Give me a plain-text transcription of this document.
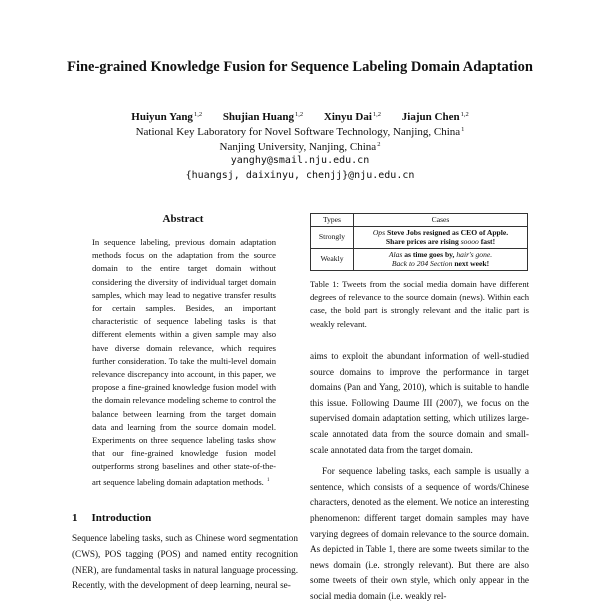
Fine-grained Knowledge Fusion for Sequence Labeling Domain Adaptation
Huiyun Yang$^{1,2}$ Shujian Huang$^{1,2}$ Xinyu Dai$^{1,2}$ Jiajun Chen$^{1,2}$
National Key Laboratory for Novel Software Technology, Nanjing, China$^1$
Nanjing University, Nanjing, China$^2$
yanghy@smail.nju.edu.cn
{huangsj, daixinyu, chenjj}@nju.edu.cn
Abstract
In sequence labeling, previous domain adaptation methods focus on the adaptation from the source domain to the entire target domain without considering the diversity of individual target domain samples, which may lead to negative transfer results for certain samples. Besides, an important characteristic of sequence labeling tasks is that different elements within a given sample may also have diverse domain relevance, which requires further consideration. To take the multi-level domain relevance discrepancy into account, in this paper, we propose a fine-grained knowledge fusion model with the domain relevance modeling scheme to control the balance between learning from the target domain data and learning from the source domain model. Experiments on three sequence labeling tasks show that our fine-grained knowledge fusion model outperforms strong baselines and other state-of-the-art sequence labeling domain adaptation methods. $^1$
1 Introduction
Sequence labeling tasks, such as Chinese word segmentation (CWS), POS tagging (POS) and named entity recognition (NER), are fundamental tasks in natural language processing. Recently, with the development of deep learning, neural se-
Types	Cases
Strongly	Ops Steve Jobs resigned as CEO of Apple.
Share prices are rising soooo fast!

Weakly	Alas as time goes by, hair's gone.
Back to 204 Section next week!
Table 1: Tweets from the social media domain have different degrees of relevance to the source domain (news). Within each case, the bold part is strongly relevant and the italic part is weakly relevant.

aims to exploit the abundant information of well-studied source domains to improve the performance in target domains (Pan and Yang, 2010), which is suitable to handle this issue. Following Daume III (2007), we focus on the supervised domain adaptation setting, which utilizes large-scale annotated data from the source domain and small-scale annotated data from the target domain.

For sequence labeling tasks, each sample is usually a sentence, which consists of a sequence of words/Chinese characters, denoted as the element. We notice an interesting phenomenon: different target domain samples may have varying degrees of domain relevance to the source domain. As depicted in Table 1, there are some tweets similar to the news domain (i.e. strongly relevant). But there are also some tweets of their own style, which only appear in the social media domain (i.e. weakly rel-
